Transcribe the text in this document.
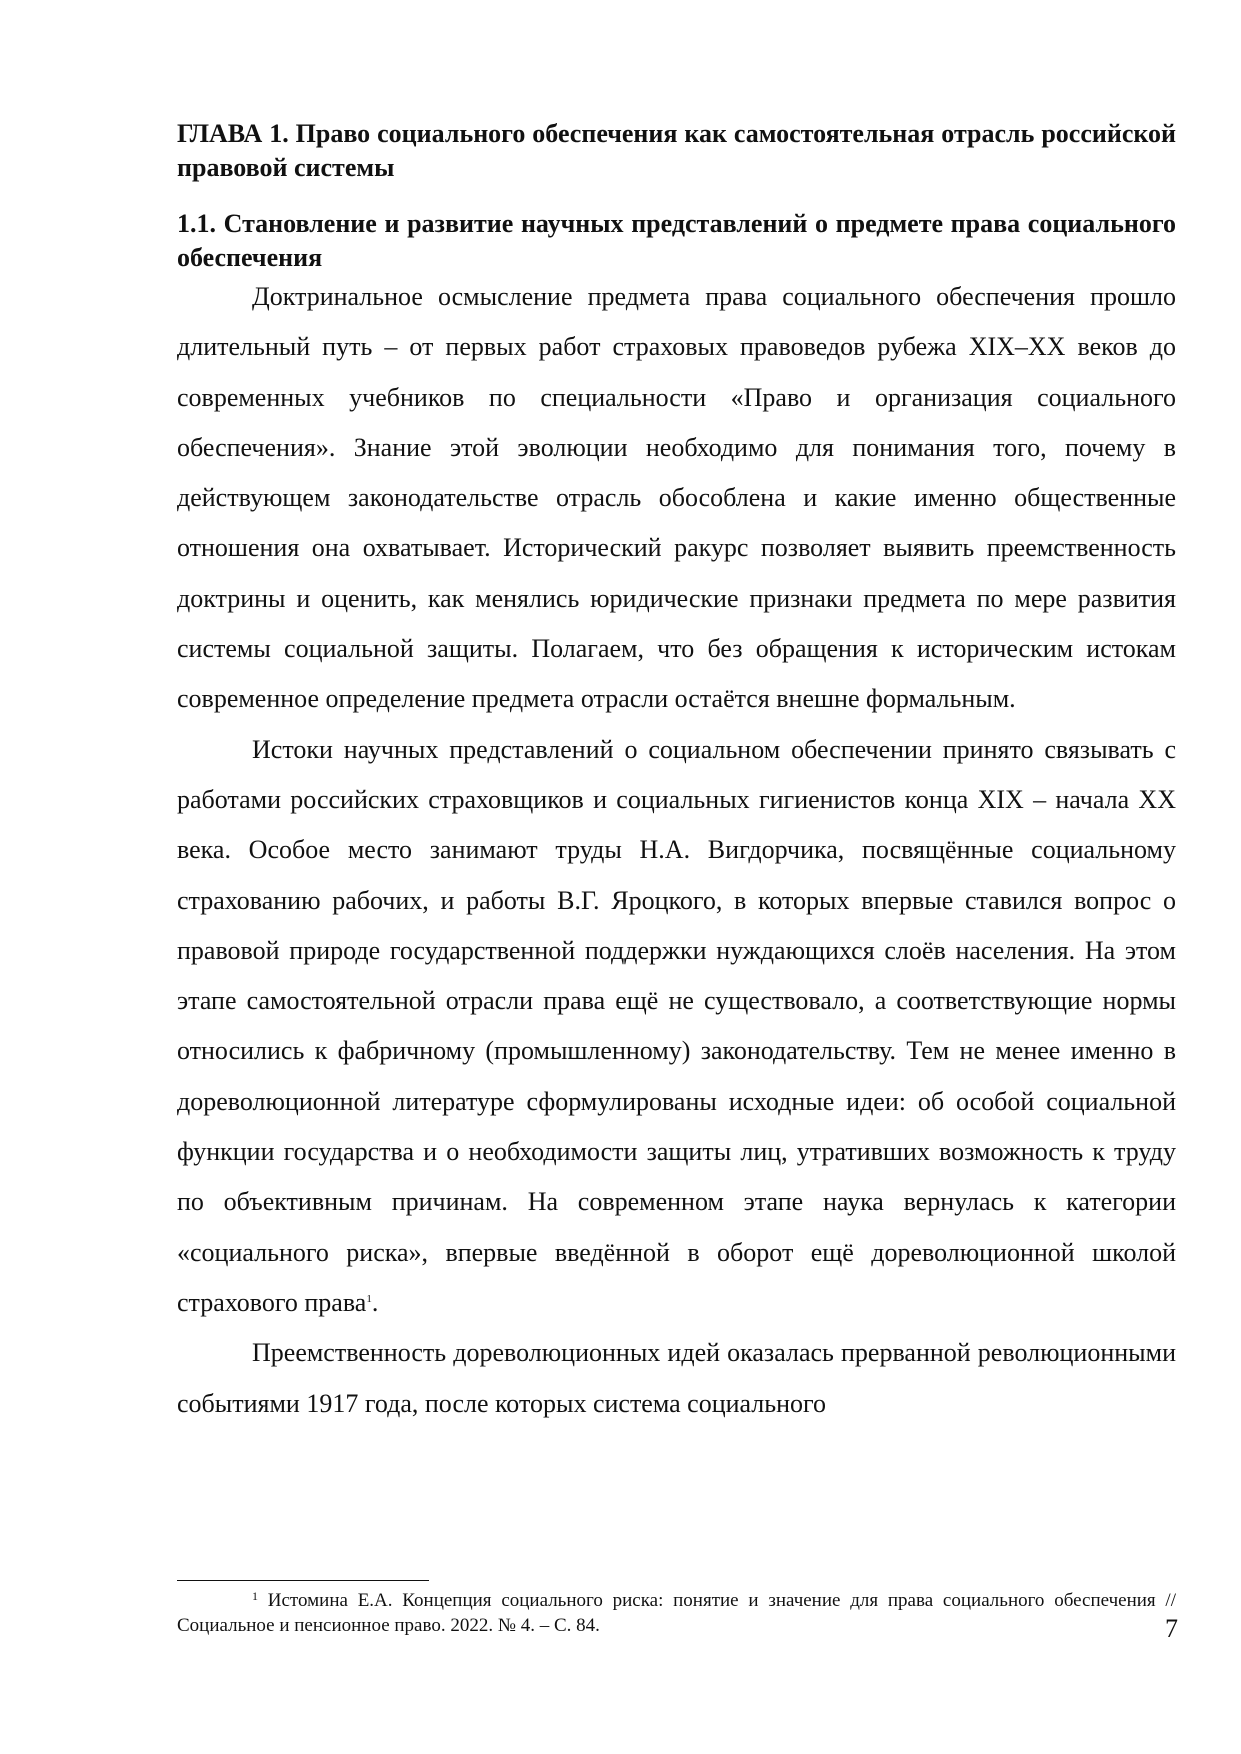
ГЛАВА 1. Право социального обеспечения как самостоятельная отрасль российской правовой системы
1.1. Становление и развитие научных представлений о предмете права социального обеспечения

Доктринальное осмысление предмета права социального обеспечения прошло длительный путь – от первых работ страховых правоведов рубежа XIX–XX веков до современных учебников по специальности «Право и организация социального обеспечения». Знание этой эволюции необходимо для понимания того, почему в действующем законодательстве отрасль обособлена и какие именно общественные отношения она охватывает. Исторический ракурс позволяет выявить преемственность доктрины и оценить, как менялись юридические признаки предмета по мере развития системы социальной защиты. Полагаем, что без обращения к историческим истокам современное определение предмета отрасли остаётся внешне формальным.

Истоки научных представлений о социальном обеспечении принято связывать с работами российских страховщиков и социальных гигиенистов конца XIX – начала XX века. Особое место занимают труды Н.А. Вигдорчика, посвящённые социальному страхованию рабочих, и работы В.Г. Яроцкого, в которых впервые ставился вопрос о правовой природе государственной поддержки нуждающихся слоёв населения. На этом этапе самостоятельной отрасли права ещё не существовало, а соответствующие нормы относились к фабричному (промышленному) законодательству. Тем не менее именно в дореволюционной литературе сформулированы исходные идеи: об особой социальной функции государства и о необходимости защиты лиц, утративших возможность к труду по объективным причинам. На современном этапе наука вернулась к категории «социального риска», впервые введённой в оборот ещё дореволюционной школой страхового права$^1$.

Преемственность дореволюционных идей оказалась прерванной революционными событиями 1917 года, после которых система социального

$^1$ Истомина Е.А. Концепция социального риска: понятие и значение для права социального обеспечения // Социальное и пенсионное право. 2022. № 4. – С. 84.	7
